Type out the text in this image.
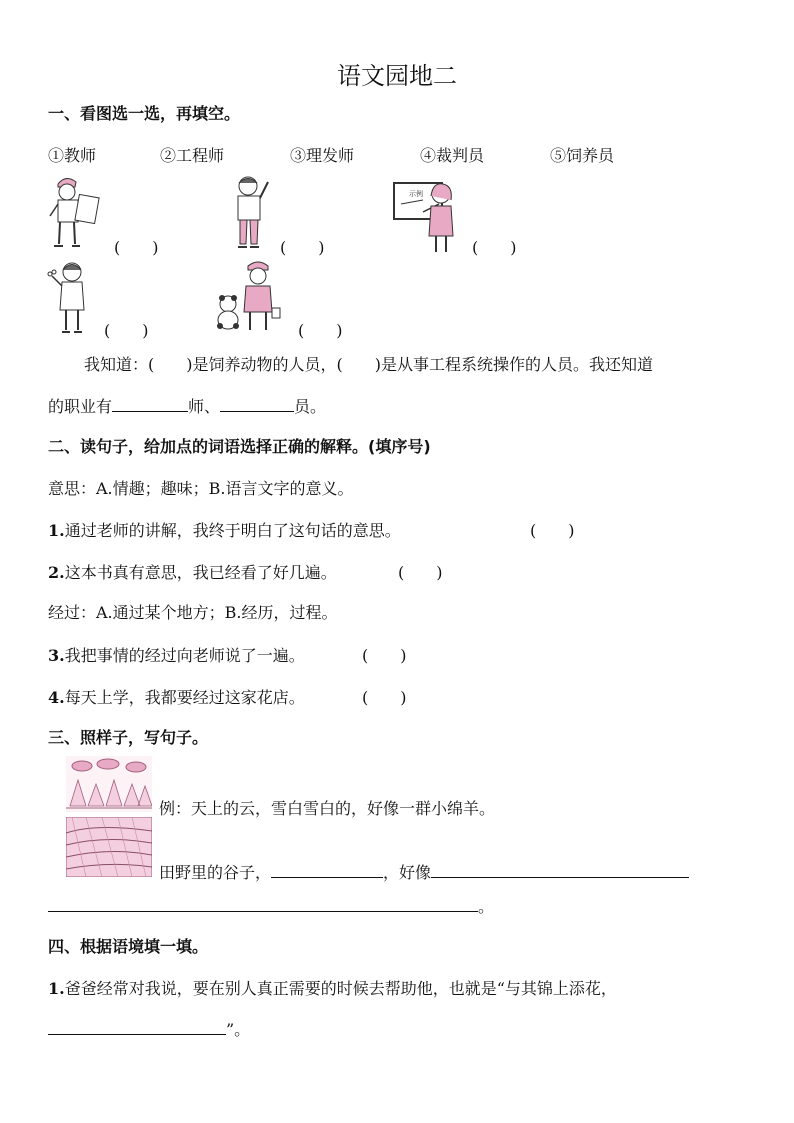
语文园地二
一、看图选一选，再填空。
①教师	②工程师	③理发师	④裁判员	⑤饲养员
(　　)	(　　)
示例
(　　)
(　　)	(　　)
我知道：(　　)是饲养动物的人员，(　　)是从事工程系统操作的人员。我还知道
的职业有	师、	员。
二、读句子，给加点的词语选择正确的解释。(填序号)
意思：A.情趣；趣味；B.语言文字的意义。
1.通过老师的讲解，我终于明白了这句话的意思。	(　　)
2.这本书真有意思，我已经看了好几遍。	(　　)
经过：A.通过某个地方；B.经历，过程。
3.我把事情的经过向老师说了一遍。	(　　)
4.每天上学，我都要经过这家花店。	(　　)
三、照样子，写句子。
例：天上的云，雪白雪白的，好像一群小绵羊。
田野里的谷子，	，好像
。
四、根据语境填一填。
1.爸爸经常对我说，要在别人真正需要的时候去帮助他，也就是“与其锦上添花，
”。
